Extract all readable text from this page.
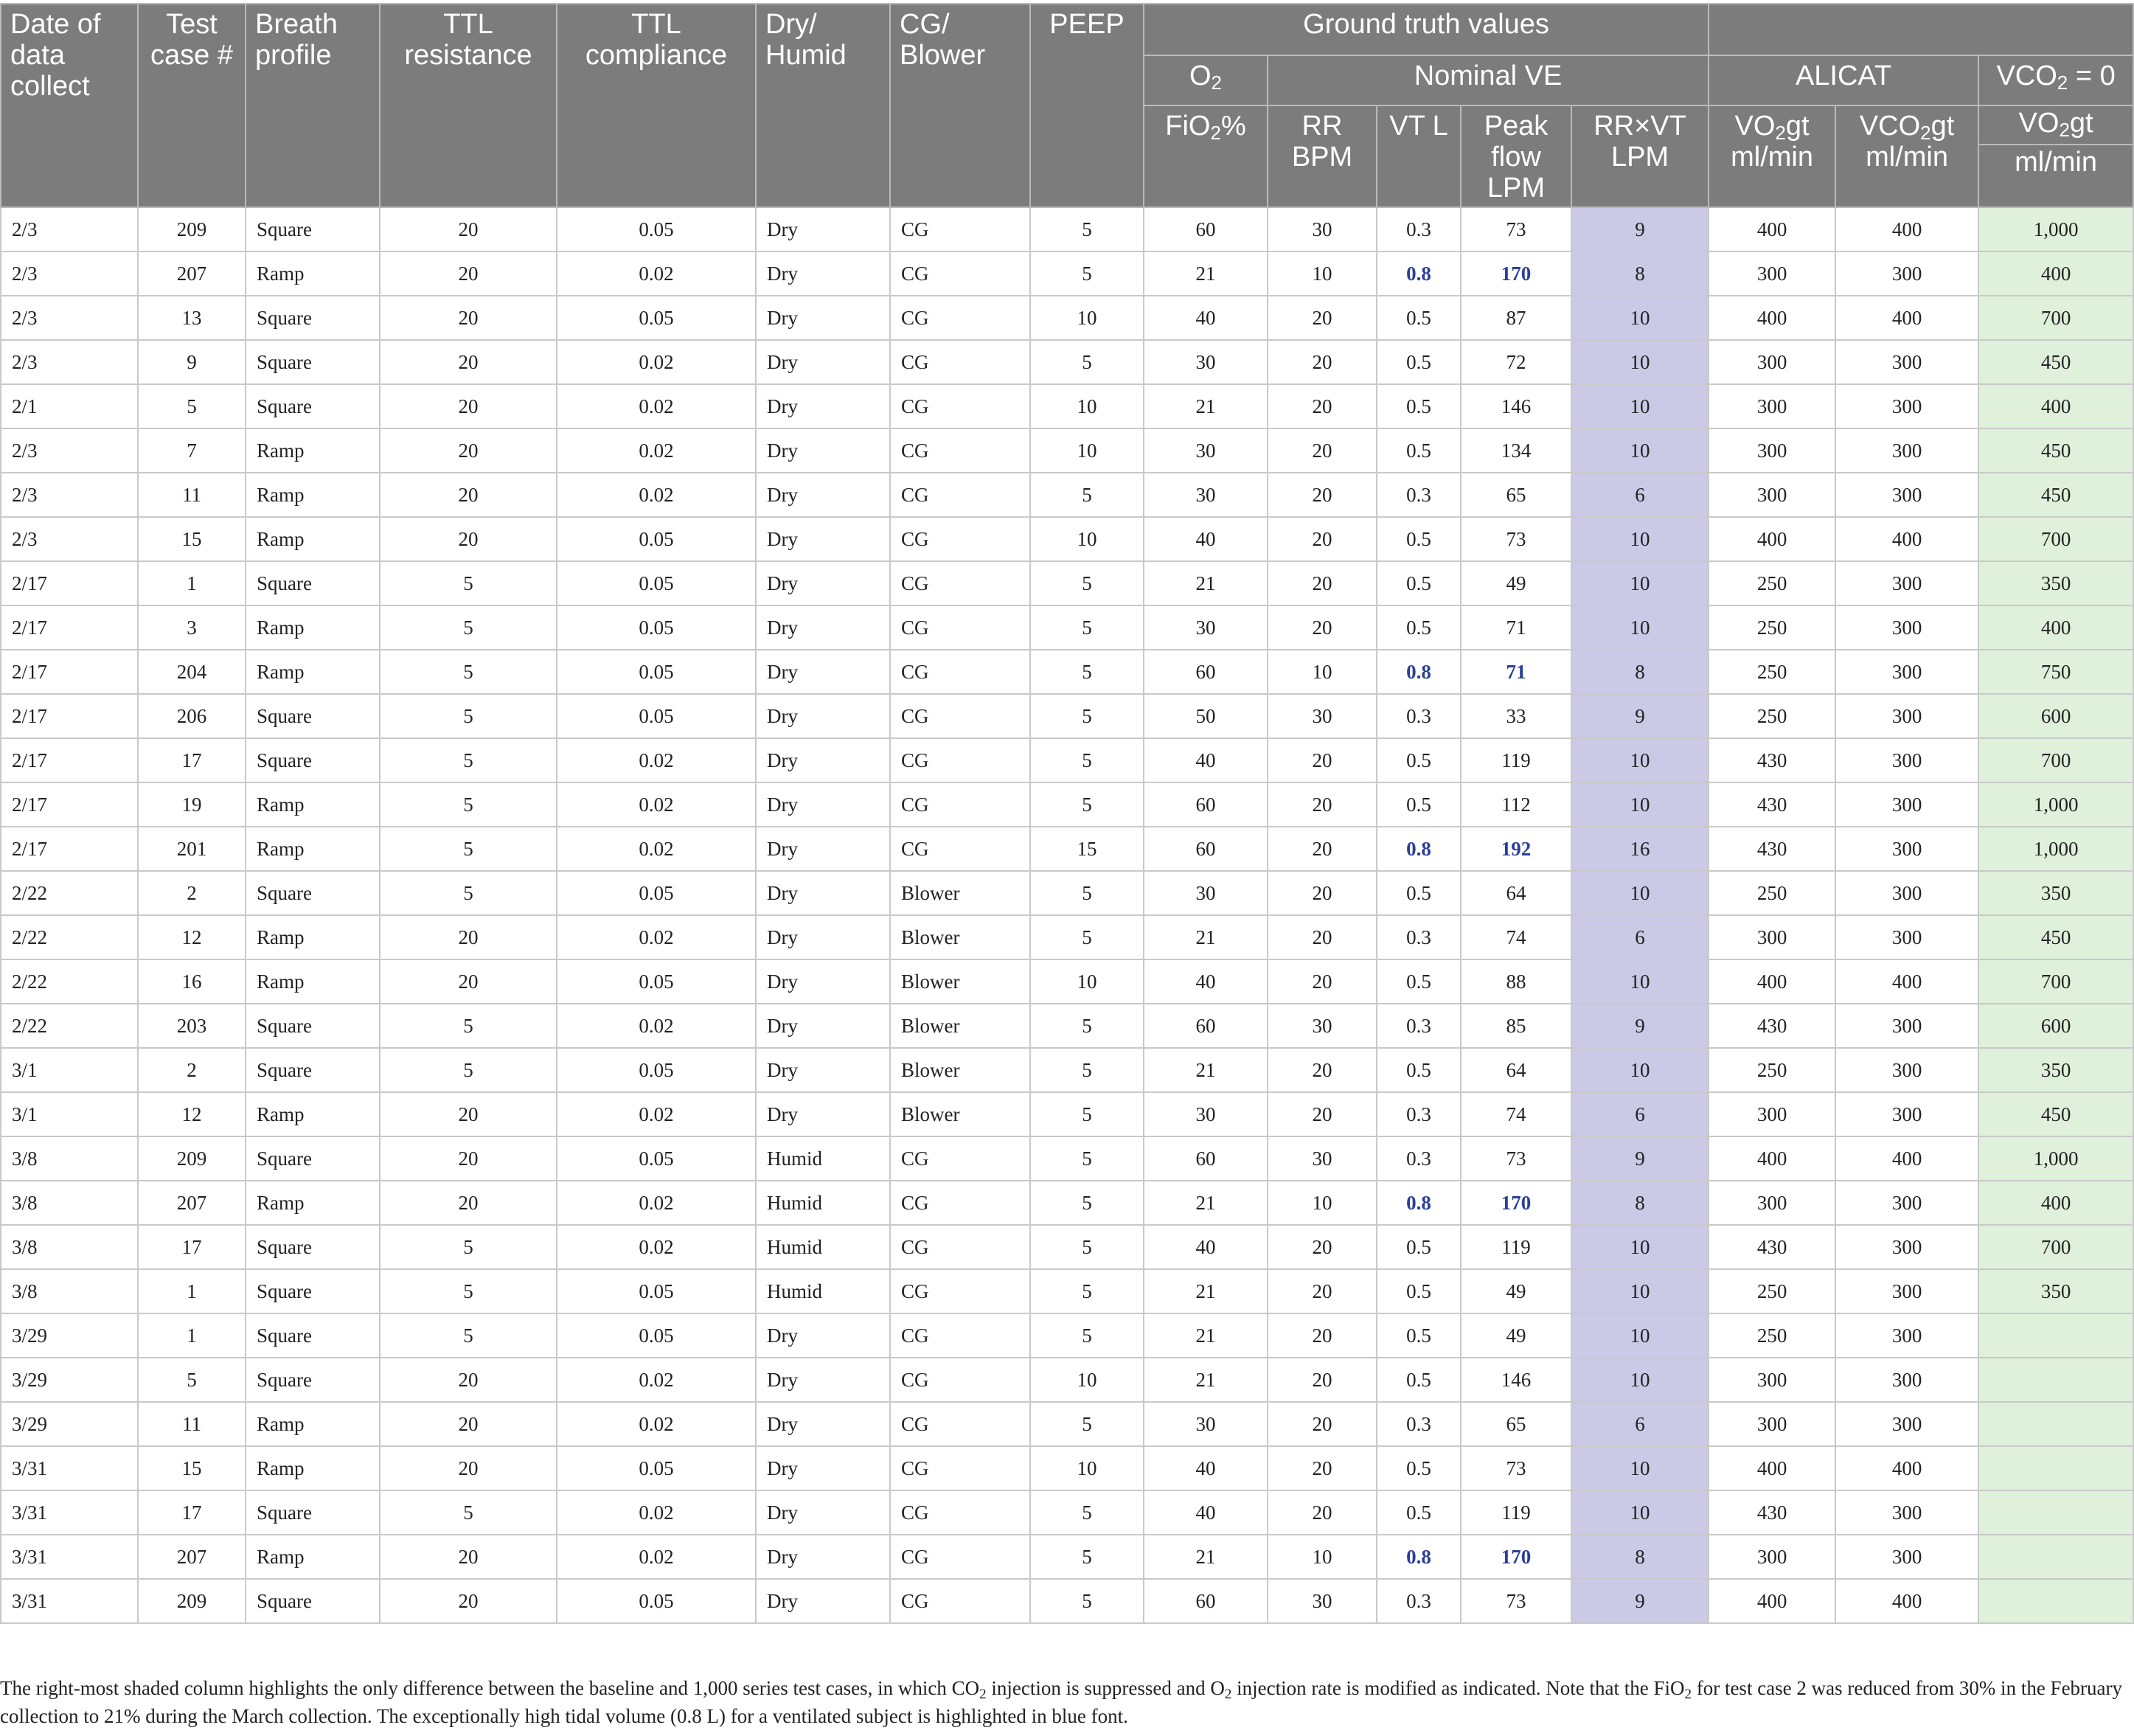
Date of data collect	Test case #	Breath profile	TTL resistance	TTL compliance	Dry/ Humid	CG/ Blower	PEEP	Ground truth values							
								$O_2$	Nominal VE				ALICAT		$VCO_2 = 0$
								FiO$_2$%	RR BPM	VT L	Peak flow LPM	RR×VT LPM	$VO_2gt$ ml/min	$VCO_2gt$ ml/min	$VO_2gt$
															ml/min
2/3	209	Square	20	0.05	Dry	CG	5	60	30	0.3	73	9	400	400	1,000
2/3	207	Ramp	20	0.02	Dry	CG	5	21	10	0.8	170	8	300	300	400
2/3	13	Square	20	0.05	Dry	CG	10	40	20	0.5	87	10	400	400	700
2/3	9	Square	20	0.02	Dry	CG	5	30	20	0.5	72	10	300	300	450
2/1	5	Square	20	0.02	Dry	CG	10	21	20	0.5	146	10	300	300	400
2/3	7	Ramp	20	0.02	Dry	CG	10	30	20	0.5	134	10	300	300	450
2/3	11	Ramp	20	0.02	Dry	CG	5	30	20	0.3	65	6	300	300	450
2/3	15	Ramp	20	0.05	Dry	CG	10	40	20	0.5	73	10	400	400	700
2/17	1	Square	5	0.05	Dry	CG	5	21	20	0.5	49	10	250	300	350
2/17	3	Ramp	5	0.05	Dry	CG	5	30	20	0.5	71	10	250	300	400
2/17	204	Ramp	5	0.05	Dry	CG	5	60	10	0.8	71	8	250	300	750
2/17	206	Square	5	0.05	Dry	CG	5	50	30	0.3	33	9	250	300	600
2/17	17	Square	5	0.02	Dry	CG	5	40	20	0.5	119	10	430	300	700
2/17	19	Ramp	5	0.02	Dry	CG	5	60	20	0.5	112	10	430	300	1,000
2/17	201	Ramp	5	0.02	Dry	CG	15	60	20	0.8	192	16	430	300	1,000
2/22	2	Square	5	0.05	Dry	Blower	5	30	20	0.5	64	10	250	300	350
2/22	12	Ramp	20	0.02	Dry	Blower	5	21	20	0.3	74	6	300	300	450
2/22	16	Ramp	20	0.05	Dry	Blower	10	40	20	0.5	88	10	400	400	700
2/22	203	Square	5	0.02	Dry	Blower	5	60	30	0.3	85	9	430	300	600
3/1	2	Square	5	0.05	Dry	Blower	5	21	20	0.5	64	10	250	300	350
3/1	12	Ramp	20	0.02	Dry	Blower	5	30	20	0.3	74	6	300	300	450
3/8	209	Square	20	0.05	Humid	CG	5	60	30	0.3	73	9	400	400	1,000
3/8	207	Ramp	20	0.02	Humid	CG	5	21	10	0.8	170	8	300	300	400
3/8	17	Square	5	0.02	Humid	CG	5	40	20	0.5	119	10	430	300	700
3/8	1	Square	5	0.05	Humid	CG	5	21	20	0.5	49	10	250	300	350
3/29	1	Square	5	0.05	Dry	CG	5	21	20	0.5	49	10	250	300	
3/29	5	Square	20	0.02	Dry	CG	10	21	20	0.5	146	10	300	300	
3/29	11	Ramp	20	0.02	Dry	CG	5	30	20	0.3	65	6	300	300	
3/31	15	Ramp	20	0.05	Dry	CG	10	40	20	0.5	73	10	400	400	
3/31	17	Square	5	0.02	Dry	CG	5	40	20	0.5	119	10	430	300	
3/31	207	Ramp	20	0.02	Dry	CG	5	21	10	0.8	170	8	300	300	
3/31	209	Square	20	0.05	Dry	CG	5	60	30	0.3	73	9	400	400	
The right-most shaded column highlights the only difference between the baseline and 1,000 series test cases, in which CO2 injection is suppressed and O2 injection rate is modified as indicated. Note that the FiO2 for test case 2 was reduced from 30% in the February collection to 21% during the March collection. The exceptionally high tidal volume (0.8 L) for a ventilated subject is highlighted in blue font.
